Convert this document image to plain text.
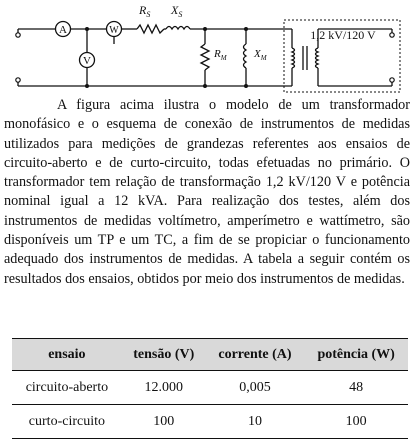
A	W
V
$R_S$ $X_S$
$R_M$ $X_M$
1,2 kV/120 V

A figura acima ilustra o modelo de um transformador monofásico e o esquema de conexão de instrumentos de medidas utilizados para medições de grandezas referentes aos ensaios de circuito-aberto e de curto-circuito, todas efetuadas no primário. O transformador tem relação de transformação 1,2 kV/120 V e potência nominal igual a 12 kVA. Para realização dos testes, além dos instrumentos de medidas voltímetro, amperímetro e wattímetro, são disponíveis um TP e um TC, a fim de se propiciar o funcionamento adequado dos instrumentos de medidas. A tabela a seguir contém os resultados dos ensaios, obtidos por meio dos instrumentos de medidas.

ensaio	tensão (V)	corrente (A)	potência (W)
circuito-aberto	12.000	0,005	48
curto-circuito	100	10	100
